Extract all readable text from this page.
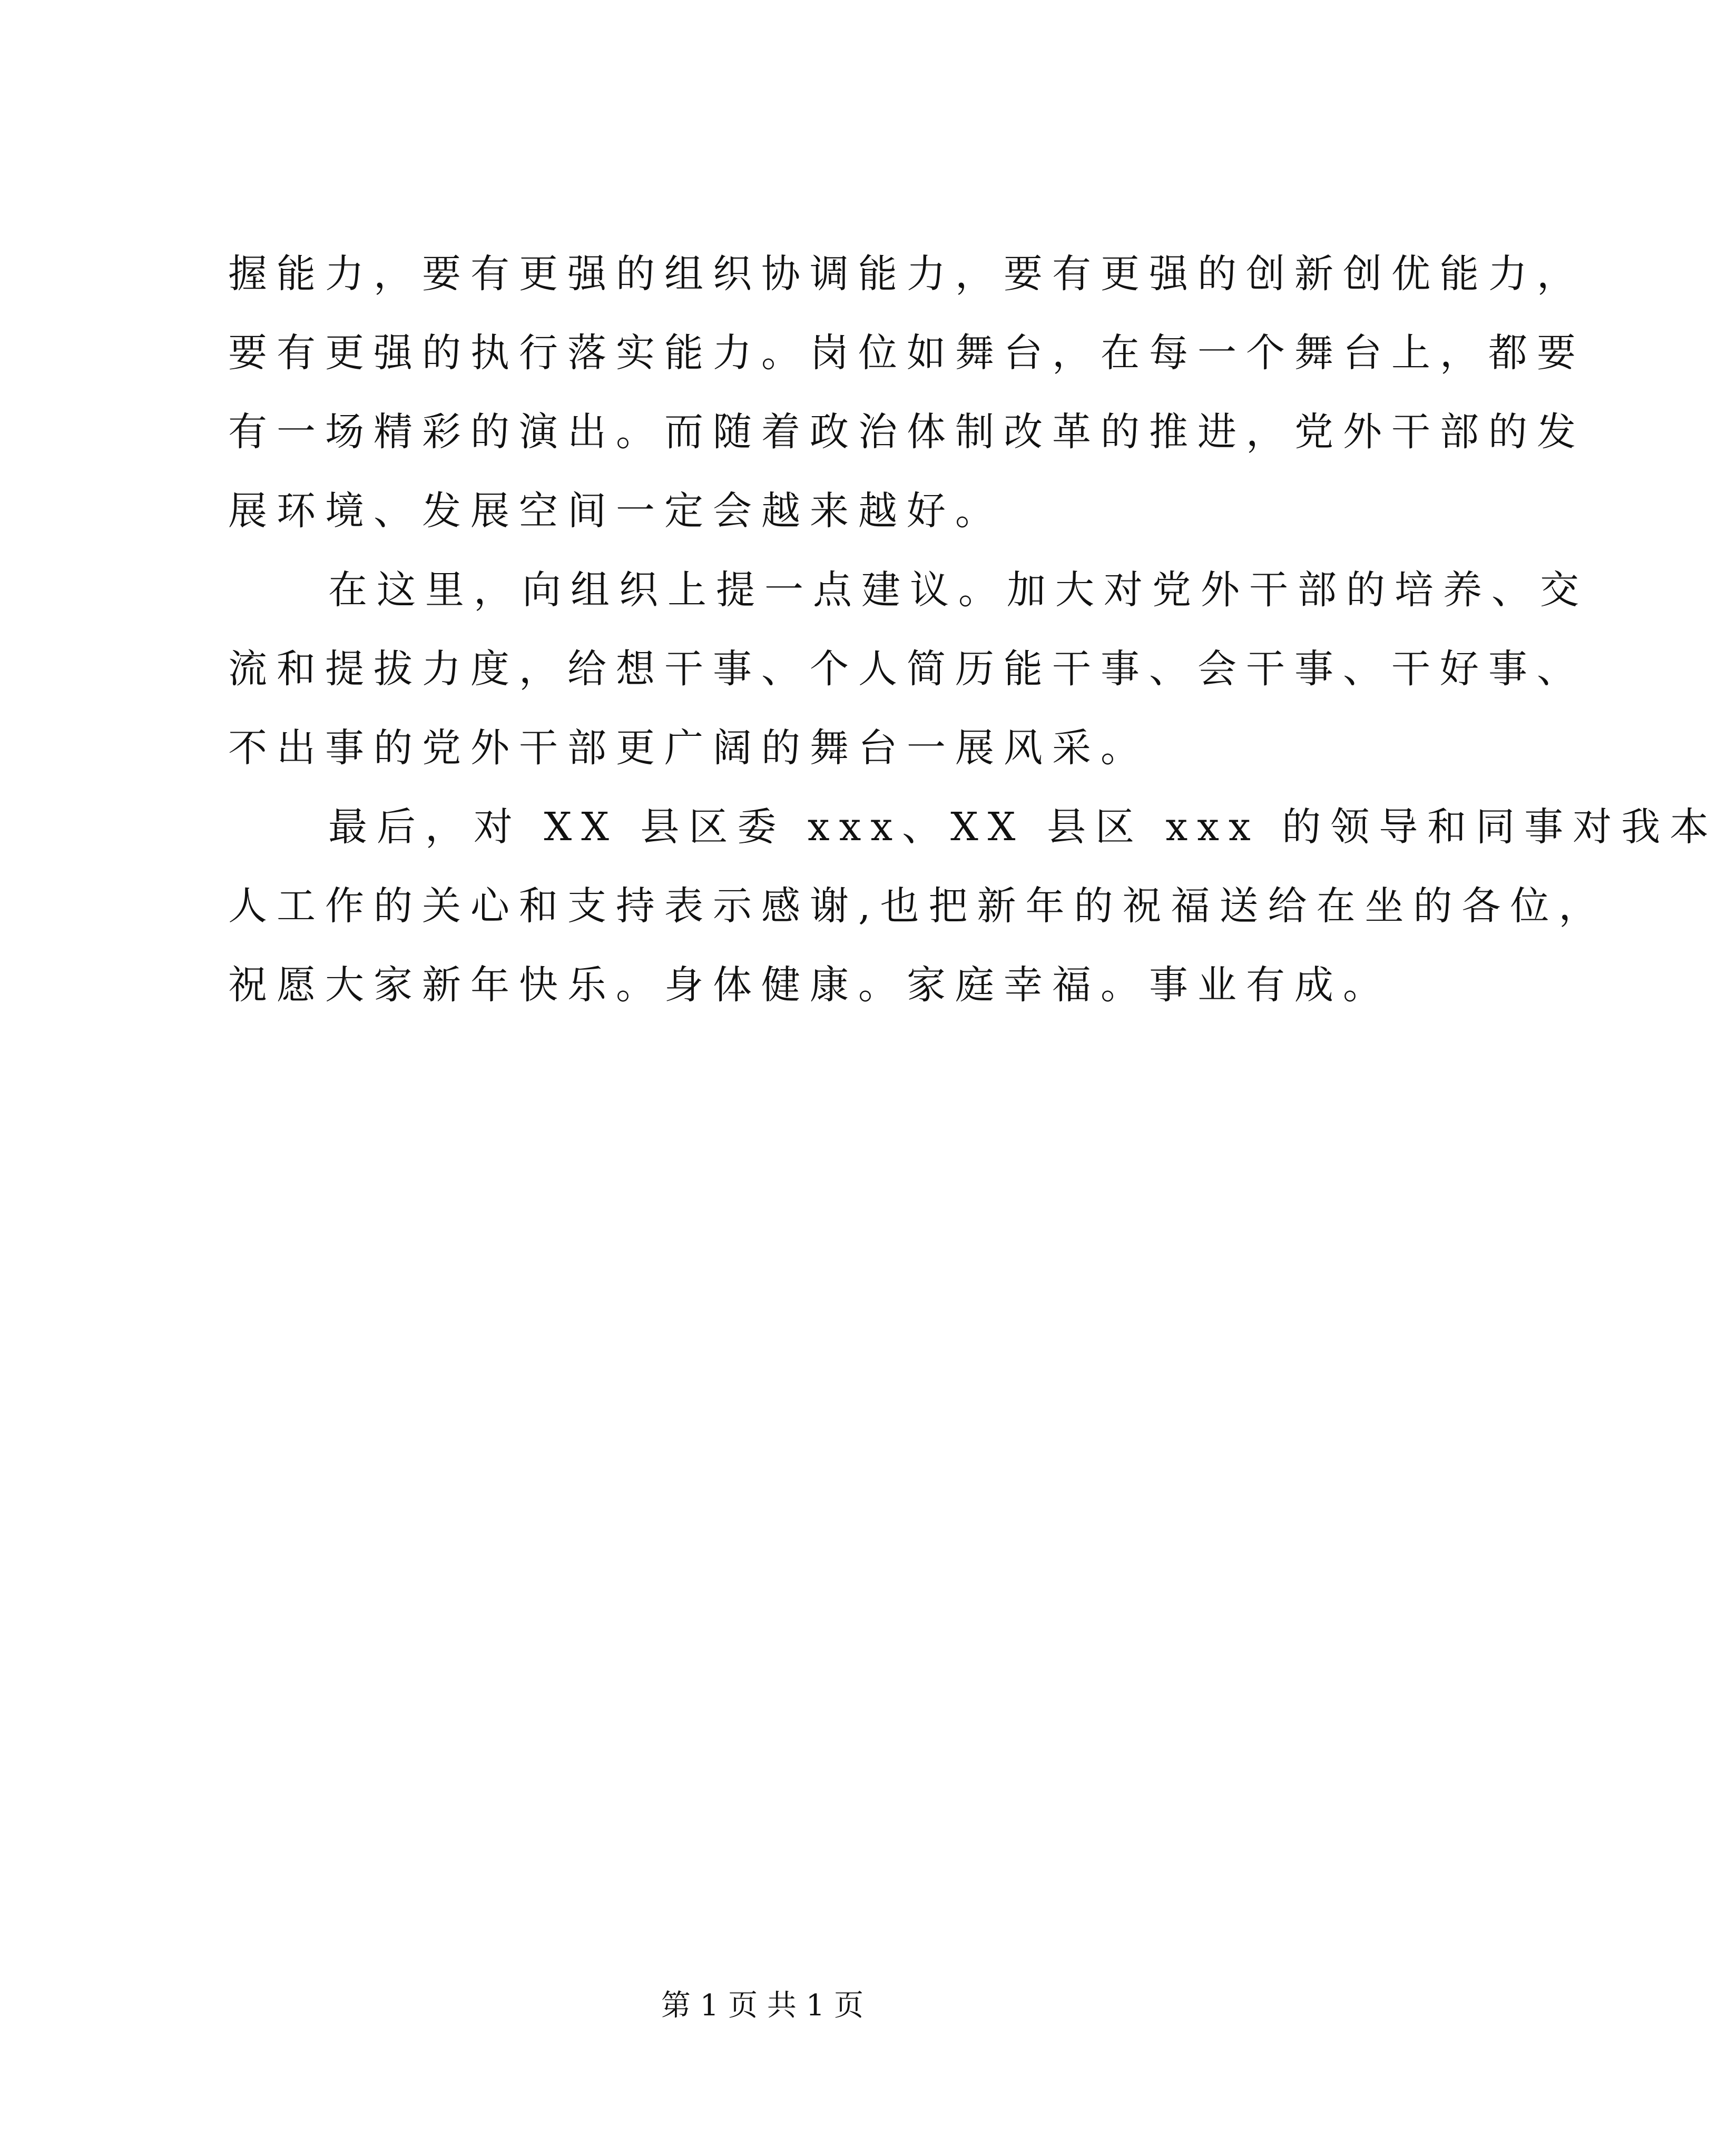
握能力，要有更强的组织协调能力，要有更强的创新创优能力，
要有更强的执行落实能力。岗位如舞台，在每一个舞台上，都要
有一场精彩的演出。而随着政治体制改革的推进，党外干部的发
展环境、发展空间一定会越来越好。
在这里，向组织上提一点建议。加大对党外干部的培养、交
流和提拔力度，给想干事、个人简历能干事、会干事、干好事、
不出事的党外干部更广阔的舞台一展风采。
最后，对 XX 县区委 xxx、XX 县区 xxx 的领导和同事对我本
人工作的关心和支持表示感谢,也把新年的祝福送给在坐的各位，
祝愿大家新年快乐。身体健康。家庭幸福。事业有成。
第 1 页 共 1 页
